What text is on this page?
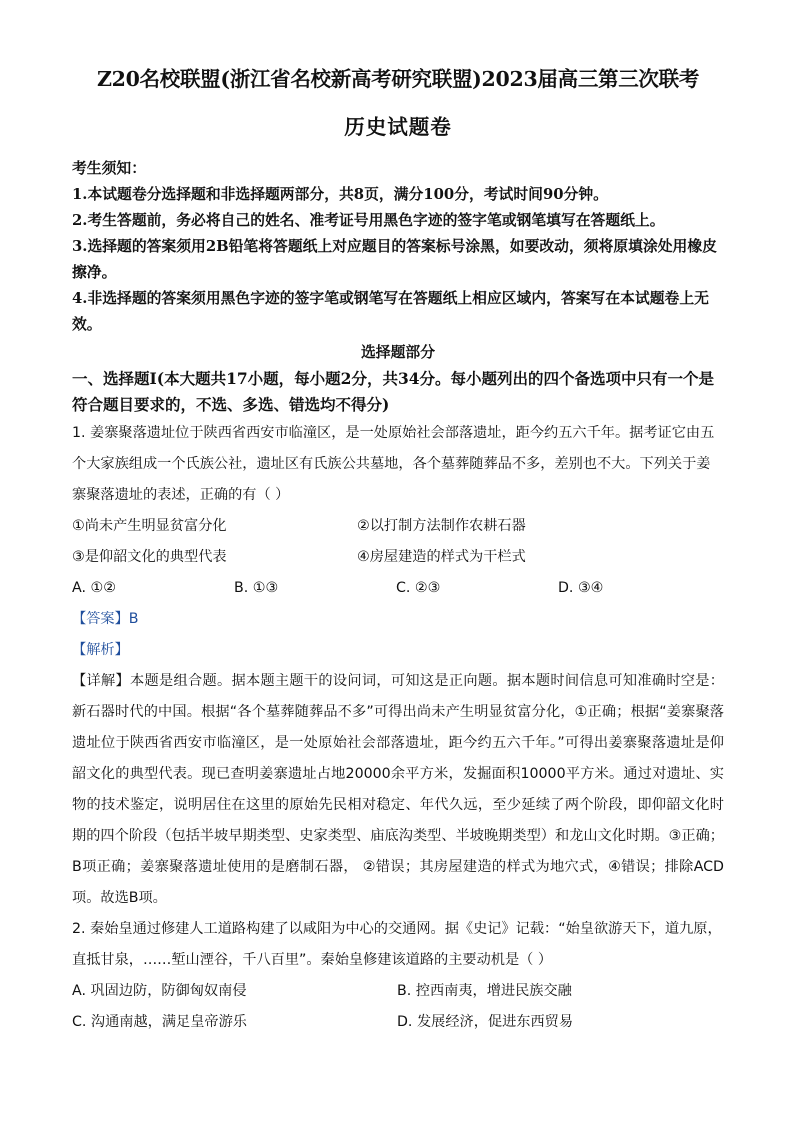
Z20名校联盟(浙江省名校新高考研究联盟)2023届高三第三次联考
历史试题卷

考生须知：

1.本试题卷分选择题和非选择题两部分，共8页，满分100分，考试时间90分钟。

2.考生答题前，务必将自己的姓名、准考证号用黑色字迹的签字笔或钢笔填写在答题纸上。

3.选择题的答案须用2B铅笔将答题纸上对应题目的答案标号涂黑，如要改动，须将原填涂处用橡皮擦净。

4.非选择题的答案须用黑色字迹的签字笔或钢笔写在答题纸上相应区域内，答案写在本试题卷上无效。

选择题部分
一、选择题Ⅰ(本大题共17小题，每小题2分，共34分。每小题列出的四个备选项中只有一个是符合题目要求的，不选、多选、错选均不得分)

1. 姜寨聚落遗址位于陕西省西安市临潼区，是一处原始社会部落遗址，距今约五六千年。据考证它由五个大家族组成一个氏族公社，遗址区有氏族公共墓地，各个墓葬随葬品不多，差别也不大。下列关于姜寨聚落遗址的表述，正确的有（ ）

①尚未产生明显贫富分化	②以打制方法制作农耕石器
③是仰韶文化的典型代表	④房屋建造的样式为干栏式
A. ①②	B. ①③	C. ②③	D. ③④
【答案】B
【解析】
【详解】本题是组合题。据本题主题干的设问词，可知这是正向题。据本题时间信息可知准确时空是：新石器时代的中国。根据“各个墓葬随葬品不多”可得出尚未产生明显贫富分化，①正确；根据“姜寨聚落遗址位于陕西省西安市临潼区，是一处原始社会部落遗址，距今约五六千年。”可得出姜寨聚落遗址是仰韶文化的典型代表。现已查明姜寨遗址占地20000余平方米，发掘面积10000平方米。通过对遗址、实物的技术鉴定，说明居住在这里的原始先民相对稳定、年代久远，至少延续了两个阶段，即仰韶文化时期的四个阶段（包括半坡早期类型、史家类型、庙底沟类型、半坡晚期类型）和龙山文化时期。③正确；B项正确；姜寨聚落遗址使用的是磨制石器， ②错误；其房屋建造的样式为地穴式，④错误；排除ACD项。故选B项。

2. 秦始皇通过修建人工道路构建了以咸阳为中心的交通网。据《史记》记载：“始皇欲游天下，道九原，直抵甘泉，……堑山湮谷，千八百里”。秦始皇修建该道路的主要动机是（ ）

A. 巩固边防，防御匈奴南侵	B. 控西南夷，增进民族交融
C. 沟通南越，满足皇帝游乐	D. 发展经济，促进东西贸易
